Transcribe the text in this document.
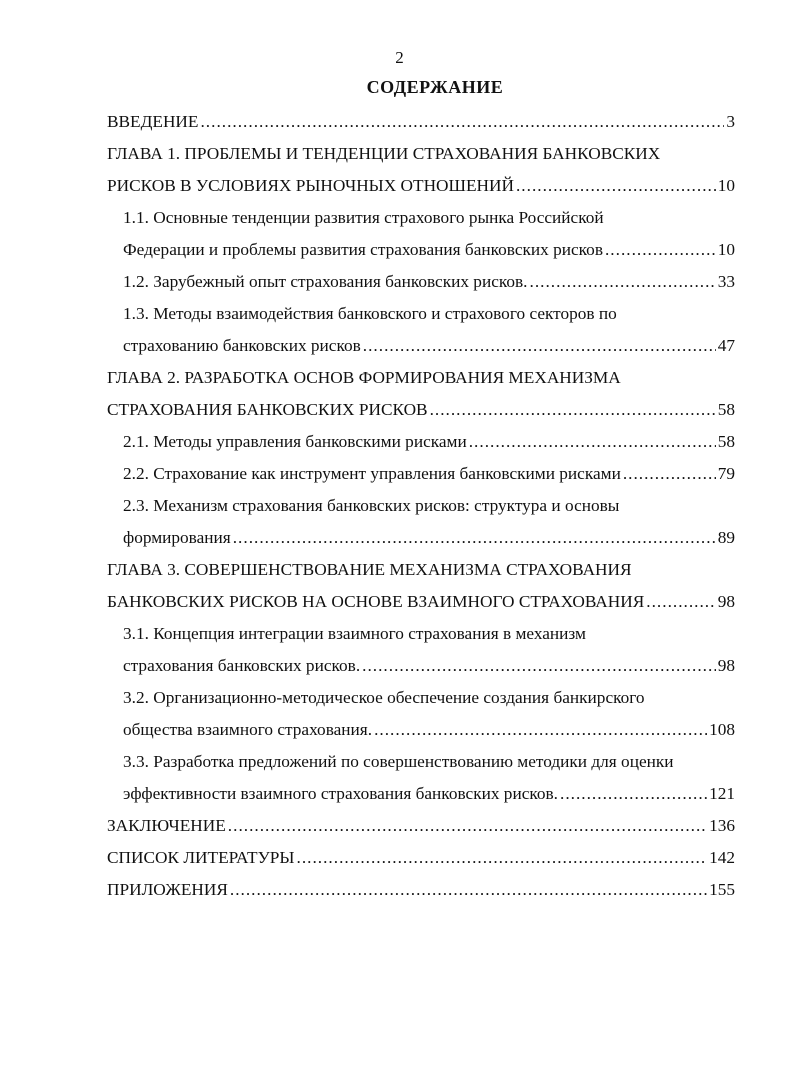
2
СОДЕРЖАНИЕ
ВВЕДЕНИЕ .....	3
ГЛАВА 1. ПРОБЛЕМЫ И ТЕНДЕНЦИИ СТРАХОВАНИЯ БАНКОВСКИХ
РИСКОВ В УСЛОВИЯХ РЫНОЧНЫХ ОТНОШЕНИЙ .....	10
1.1. Основные тенденции развития страхового рынка Российской
Федерации и проблемы развития страхования банковских рисков .....	10
1.2. Зарубежный опыт страхования банковских рисков. .....	33
1.3. Методы взаимодействия банковского и страхового секторов по
страхованию банковских рисков .....	47
ГЛАВА 2. РАЗРАБОТКА ОСНОВ ФОРМИРОВАНИЯ МЕХАНИЗМА
СТРАХОВАНИЯ БАНКОВСКИХ РИСКОВ .....	58
2.1. Методы управления банковскими рисками .....	58
2.2. Страхование как инструмент управления банковскими рисками .....	79
2.3. Механизм страхования банковских рисков: структура и основы
формирования .....	89
ГЛАВА 3. СОВЕРШЕНСТВОВАНИЕ МЕХАНИЗМА СТРАХОВАНИЯ
БАНКОВСКИХ РИСКОВ НА ОСНОВЕ ВЗАИМНОГО СТРАХОВАНИЯ .....	98
3.1. Концепция интеграции взаимного страхования в механизм
страхования банковских рисков. .....	98
3.2. Организационно-методическое обеспечение создания банкирского
общества взаимного страхования. .....	108
3.3. Разработка предложений по совершенствованию методики для оценки
эффективности взаимного страхования банковских рисков. .....	121
ЗАКЛЮЧЕНИЕ .....	136
СПИСОК ЛИТЕРАТУРЫ .....	142
ПРИЛОЖЕНИЯ .....	155
